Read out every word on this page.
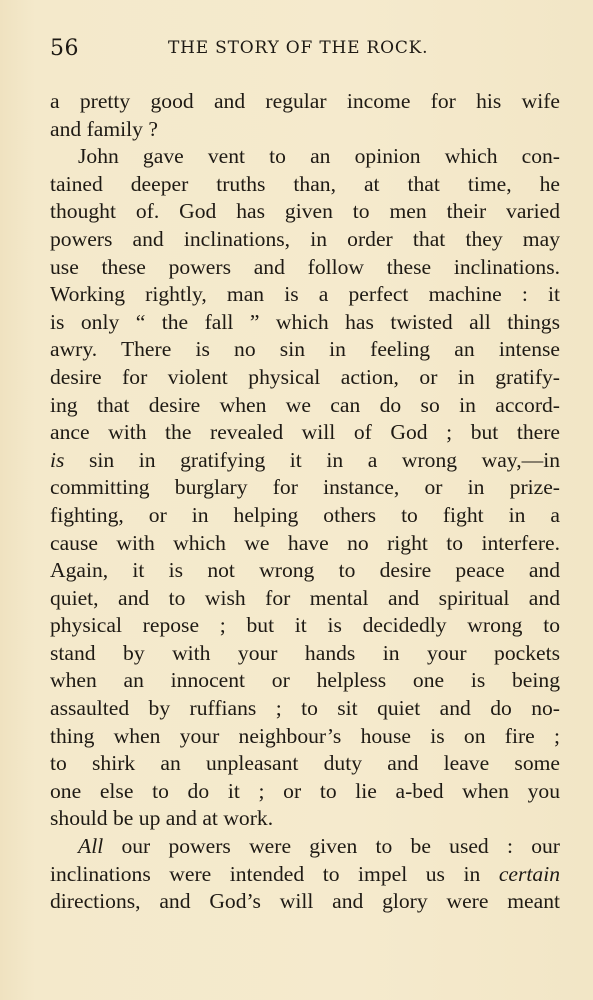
56	THE STORY OF THE ROCK.
a pretty good and regular income for his wife
and family ?
John gave vent to an opinion which con-
tained deeper truths than, at that time, he
thought of. God has given to men their varied
powers and inclinations, in order that they may
use these powers and follow these inclinations.
Working rightly, man is a perfect machine : it
is only “ the fall ” which has twisted all things
awry. There is no sin in feeling an intense
desire for violent physical action, or in gratify-
ing that desire when we can do so in accord-
ance with the revealed will of God ; but there
is sin in gratifying it in a wrong way,—in
committing burglary for instance, or in prize-
fighting, or in helping others to fight in a
cause with which we have no right to interfere.
Again, it is not wrong to desire peace and
quiet, and to wish for mental and spiritual and
physical repose ; but it is decidedly wrong to
stand by with your hands in your pockets
when an innocent or helpless one is being
assaulted by ruffians ; to sit quiet and do no-
thing when your neighbour’s house is on fire ;
to shirk an unpleasant duty and leave some
one else to do it ; or to lie a-bed when you
should be up and at work.
All our powers were given to be used : our
inclinations were intended to impel us in certain
directions, and God’s will and glory were meant
